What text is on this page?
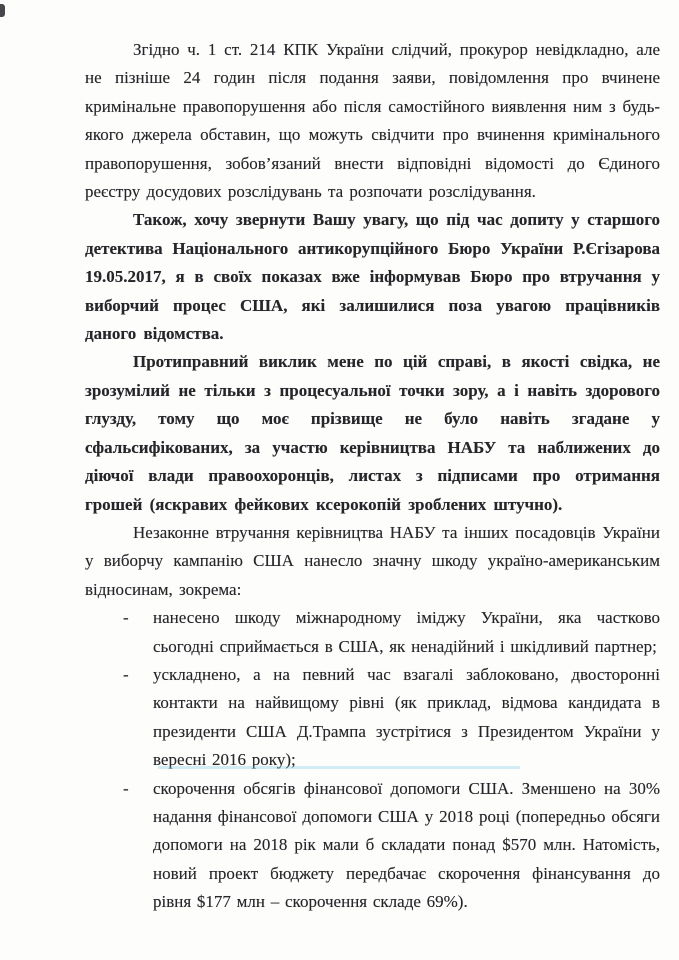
Згідно ч. 1 ст. 214 КПК України слідчий, прокурор невідкладно, але не пізніше 24 годин після подання заяви, повідомлення про вчинене кримінальне правопорушення або після самостійного виявлення ним з будь-якого джерела обставин, що можуть свідчити про вчинення кримінального правопорушення, зобов’язаний внести відповідні відомості до Єдиного реєстру досудових розслідувань та розпочати розслідування.

Також, хочу звернути Вашу увагу, що під час допиту у старшого детектива Національного антикорупційного Бюро України Р.Єгізарова 19.05.2017, я в своїх показах вже інформував Бюро про втручання у виборчий процес США, які залишилися поза увагою працівників даного відомства.

Протиправний виклик мене по цій справі, в якості свідка, не зрозумілий не тільки з процесуальної точки зору, а і навіть здорового глузду, тому що моє прізвище не було навіть згадане у сфальсифікованих, за участю керівництва НАБУ та наближених до діючої влади правоохоронців, листах з підписами про отримання грошей (яскравих фейкових ксерокопій зроблених штучно).

Незаконне втручання керівництва НАБУ та інших посадовців України у виборчу кампанію США нанесло значну шкоду україно-американським відносинам, зокрема:

-	нанесено шкоду міжнародному іміджу України, яка частково сьогодні сприймається в США, як ненадійний і шкідливий партнер;
-	ускладнено, а на певний час взагалі заблоковано, двосторонні контакти на найвищому рівні (як приклад, відмова кандидата в президенти США Д.Трампа зустрітися з Президентом України у вересні 2016 року);
-	скорочення обсягів фінансової допомоги США. Зменшено на 30% надання фінансової допомоги США у 2018 році (попередньо обсяги допомоги на 2018 рік мали б складати понад $570 млн. Натомість, новий проект бюджету передбачає скорочення фінансування до рівня $177 млн – скорочення складе 69%).
